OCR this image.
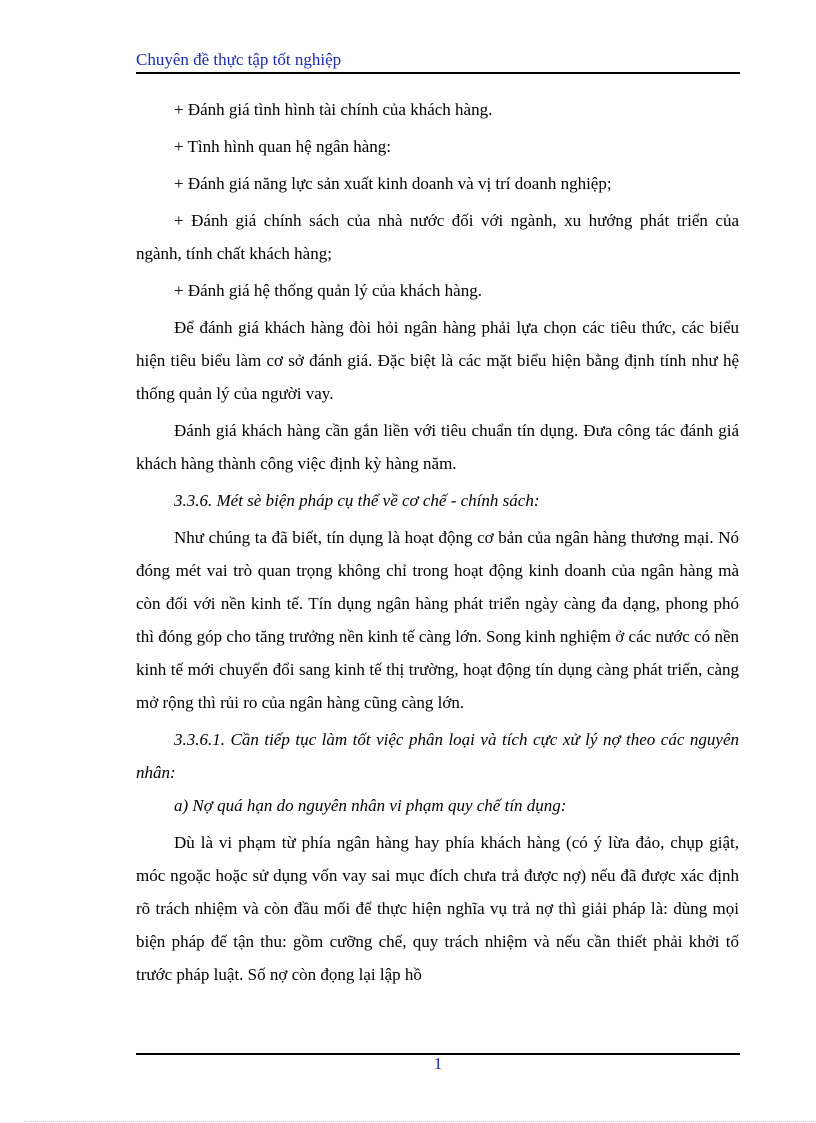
Chuyên đề thực tập tốt nghiệp

+ Đánh giá tình hình tài chính của khách hàng.

+ Tình hình quan hệ ngân hàng:

+ Đánh giá năng lực sản xuất kinh doanh và vị trí doanh nghiệp;

+ Đánh giá chính sách của nhà nước đối với ngành, xu hướng phát triển của ngành, tính chất khách hàng;

+ Đánh giá hệ thống quản lý của khách hàng.

Để đánh giá khách hàng đòi hỏi ngân hàng phải lựa chọn các tiêu thức, các biểu hiện tiêu biểu làm cơ sở đánh giá. Đặc biệt là các mặt biểu hiện bằng định tính như hệ thống quản lý của người vay.

Đánh giá khách hàng cần gắn liền với tiêu chuẩn tín dụng. Đưa công tác đánh giá khách hàng thành công việc định kỳ hàng năm.

3.3.6. Mét sè biện pháp cụ thể về cơ chế - chính sách:

Như chúng ta đã biết, tín dụng là hoạt động cơ bản của ngân hàng thương mại. Nó đóng mét vai trò quan trọng không chỉ trong hoạt động kinh doanh của ngân hàng mà còn đối với nền kinh tế. Tín dụng ngân hàng phát triển ngày càng đa dạng, phong phó thì đóng góp cho tăng trưởng nền kinh tế càng lớn. Song kinh nghiệm ở các nước có nền kinh tế mới chuyển đổi sang kinh tế thị trường, hoạt động tín dụng càng phát triển, càng mở rộng thì rủi ro của ngân hàng cũng càng lớn.

3.3.6.1. Cần tiếp tục làm tốt việc phân loại và tích cực xử lý nợ theo các nguyên nhân:

a) Nợ quá hạn do nguyên nhân vi phạm quy chế tín dụng:

Dù là vi phạm từ phía ngân hàng hay phía khách hàng (có ý lừa đảo, chụp giật, móc ngoặc hoặc sử dụng vốn vay sai mục đích chưa trả được nợ) nếu đã được xác định rõ trách nhiệm và còn đầu mối để thực hiện nghĩa vụ trả nợ thì giải pháp là: dùng mọi biện pháp để tận thu: gồm cưỡng chế, quy trách nhiệm và nếu cần thiết phải khởi tố trước pháp luật. Số nợ còn đọng lại lập hồ

1
